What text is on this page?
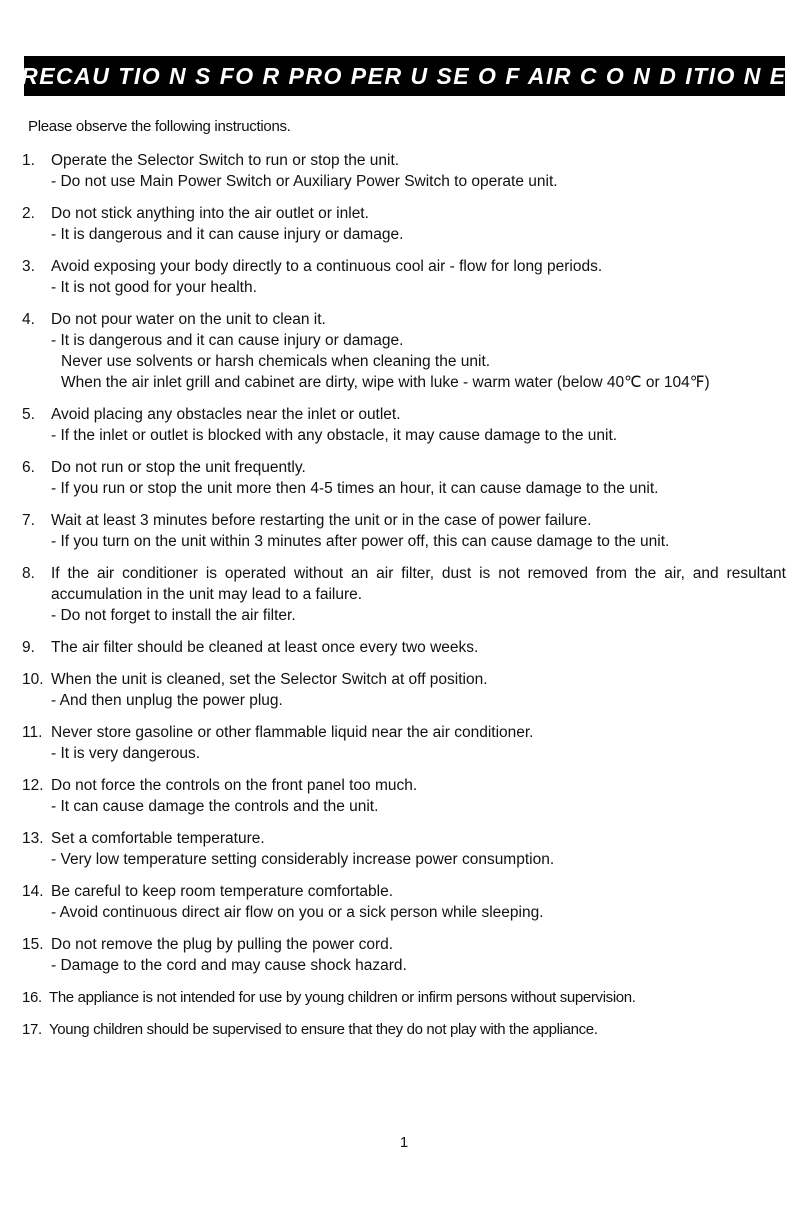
PRECAU TIO N S FO R PRO PER U SE O F AIR C O N D ITIO N ER
Please observe the following instructions.
1.	Operate the Selector Switch to run or stop the unit.
- Do not use Main Power Switch or Auxiliary Power Switch to operate unit.
2.	Do not stick anything into the air outlet or inlet.
- It is dangerous and it can cause injury or damage.
3.	Avoid exposing your body directly to a continuous cool air - flow for long periods.
- It is not good for your health.
4.	Do not pour water on the unit to clean it.
- It is dangerous and it can cause injury or damage.
Never use solvents or harsh chemicals when cleaning the unit.
When the air inlet grill and cabinet are dirty, wipe with luke - warm water (below 40℃ or 104℉)
5.	Avoid placing any obstacles near the inlet or outlet.
- If the inlet or outlet is blocked with any obstacle, it may cause damage to the unit.
6.	Do not run or stop the unit frequently.
- If you run or stop the unit more then 4-5 times an hour, it can cause damage to the unit.
7.	Wait at least 3 minutes before restarting the unit or in the case of power failure.
- If you turn on the unit within 3 minutes after power off, this can cause damage to the unit.
8.	If the air conditioner is operated without an air filter, dust is not removed from the air, and resultant accumulation in the unit may lead to a failure.
- Do not forget to install the air filter.
9.	The air filter should be cleaned at least once every two weeks.
10. When the unit is cleaned, set the Selector Switch at off position.
- And then unplug the power plug.
11. Never store gasoline or other flammable liquid near the air conditioner.
- It is very dangerous.
12. Do not force the controls on the front panel too much.
- It can cause damage the controls and the unit.
13. Set a comfortable temperature.
- Very low temperature setting considerably increase power consumption.
14. Be careful to keep room temperature comfortable.
- Avoid continuous direct air flow on you or a sick person while sleeping.
15. Do not remove the plug by pulling the power cord.
- Damage to the cord and may cause shock hazard.
16. The appliance is not intended for use by young children or infirm persons without supervision.
17. Young children should be supervised to ensure that they do not play with the appliance.
1
